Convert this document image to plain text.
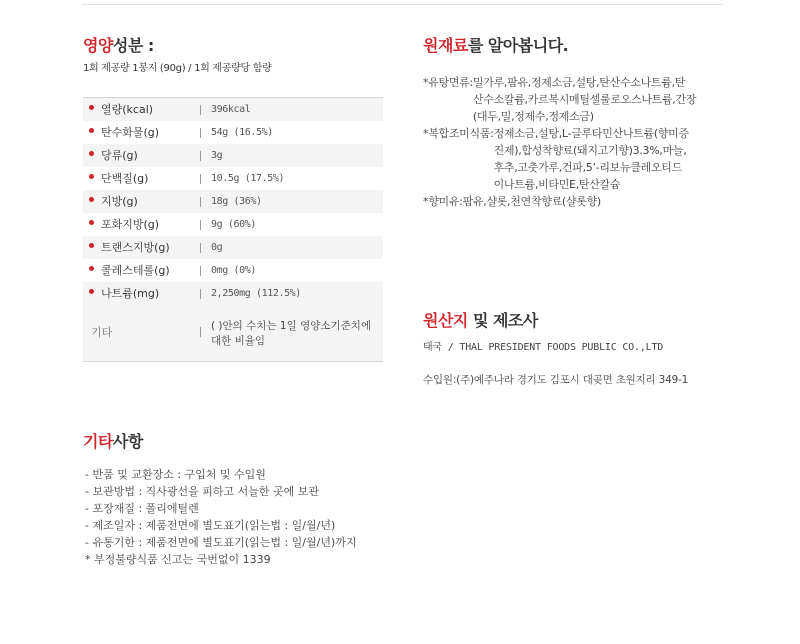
영양성분 :
1회 제공량 1봉지 (90g) / 1회 제공량당 함량
열량(kcal)	396kcal
탄수화물(g)	54g (16.5%)
당류(g)	3g
단백질(g)	10.5g (17.5%)
지방(g)	18g (36%)
포화지방(g)	9g (60%)
트랜스지방(g)	0g
콜레스테롤(g)	0mg (0%)
나트륨(mg)	2,250mg (112.5%)
기타	( )안의 수치는 1일 영양소기준치에 대한 비율임
원재료를 알아봅니다.
*유탕면류: 밀가루,팜유,정제소금,설탕,탄산수소나트륨,탄
산수소칼륨,카르복시메틸셀룰로오스나트륨,간장
(대두,밀,정제수,정제소금)
*복합조미식품: 정제소금,설탕,L-글루타민산나트륨(향미증
진제),합성착향료(돼지고기향)3.3%,마늘,
후추,고춧가루,건파,5’-리보뉴클레오티드
이나트륨,비타민E,탄산칼슘
*향미유: 팜유,샬롯,천연착향료(샬롯향)
원산지 및 제조사
태국 / THAL PRESIDENT FOODS PUBLIC CO.,LTD
수입원:(주)예주나라 경기도 김포시 대곶면 초원지리 349-1
기타사항
- 반품 및 교환장소 : 구입처 및 수입원
- 보관방법 : 직사광선을 피하고 서늘한 곳에 보관
- 포장재질 : 폴리에틸렌
- 제조일자 : 제품전면에 별도표기(읽는법 : 일/월/년)
- 유통기한 : 제품전면에 별도표기(읽는법 : 일/월/년)까지
* 부정불량식품 신고는 국번없이 1339
